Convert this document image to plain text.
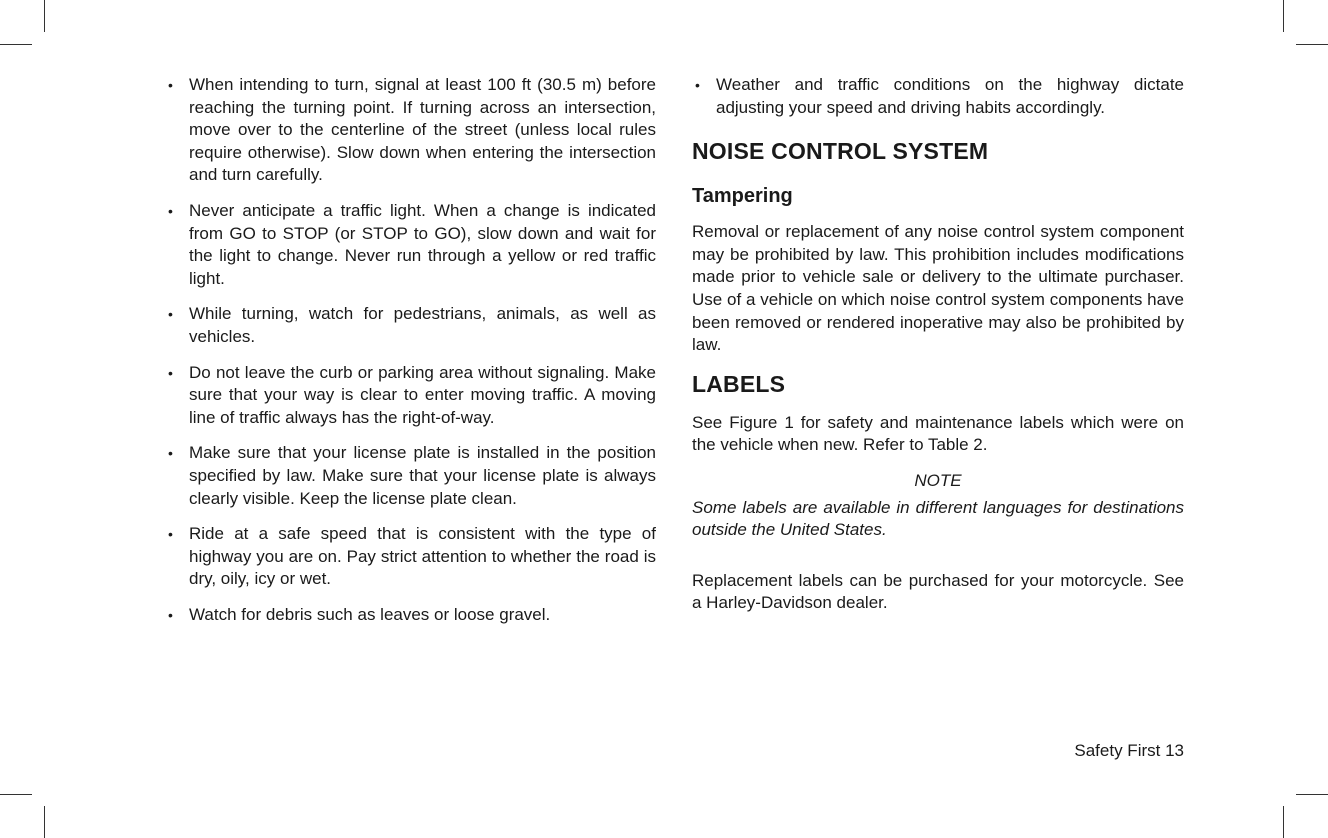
• When intending to turn, signal at least 100 ft (30.5 m) before reaching the turning point. If turning across an intersection, move over to the centerline of the street (unless local rules require otherwise). Slow down when entering the intersection and turn carefully.
• Never anticipate a traffic light. When a change is indicated from GO to STOP (or STOP to GO), slow down and wait for the light to change. Never run through a yellow or red traffic light.
• While turning, watch for pedestrians, animals, as well as vehicles.
• Do not leave the curb or parking area without signaling. Make sure that your way is clear to enter moving traffic. A moving line of traffic always has the right-of-way.
• Make sure that your license plate is installed in the position specified by law. Make sure that your license plate is always clearly visible. Keep the license plate clean.
• Ride at a safe speed that is consistent with the type of highway you are on. Pay strict attention to whether the road is dry, oily, icy or wet.
• Watch for debris such as leaves or loose gravel.
• Weather and traffic conditions on the highway dictate adjusting your speed and driving habits accordingly.
NOISE CONTROL SYSTEM
Tampering

Removal or replacement of any noise control system component may be prohibited by law. This prohibition includes modifications made prior to vehicle sale or delivery to the ultimate purchaser. Use of a vehicle on which noise control system components have been removed or rendered inoperative may also be prohibited by law.

LABELS

See Figure 1 for safety and maintenance labels which were on the vehicle when new. Refer to Table 2.

NOTE

Some labels are available in different languages for destinations outside the United States.

Replacement labels can be purchased for your motorcycle. See a Harley-Davidson dealer.

Safety First 13
